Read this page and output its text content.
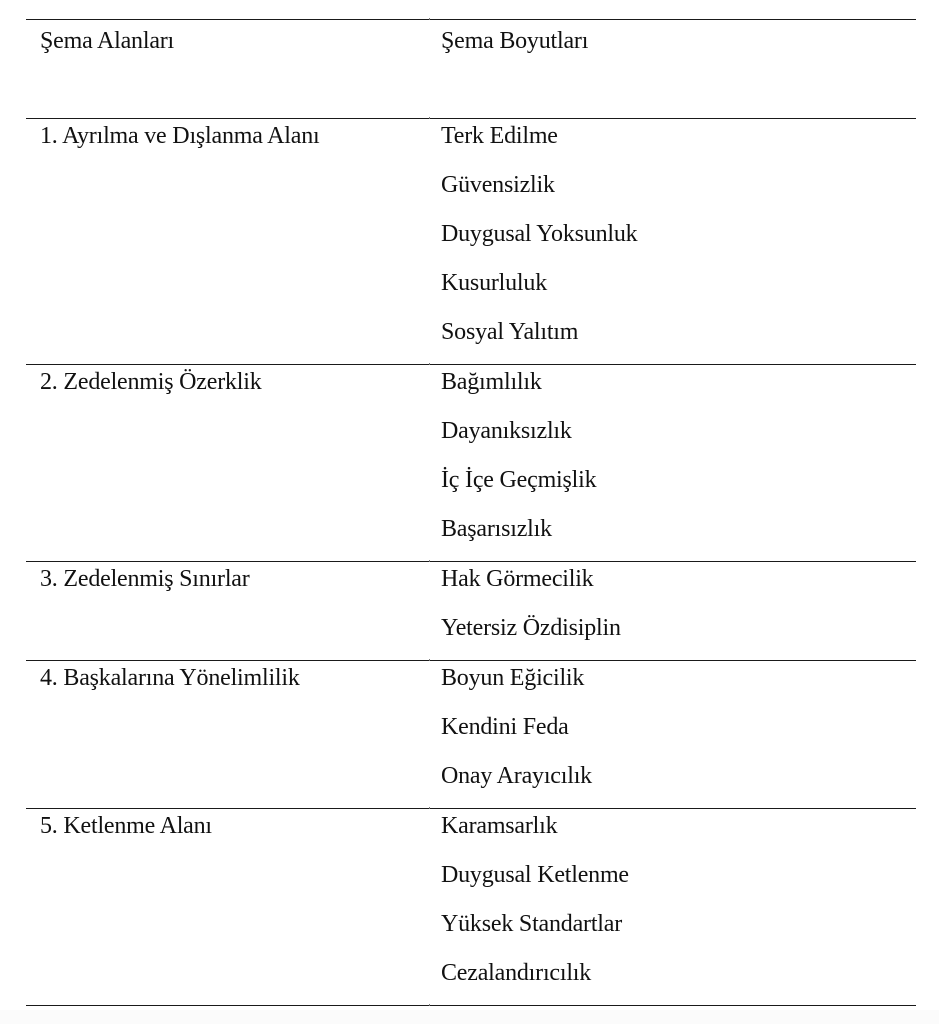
Şema Alanları	Şema Boyutları
1. Ayrılma ve Dışlanma Alanı	Terk Edilme
Güvensizlik
Duygusal Yoksunluk
Kusurluluk
Sosyal Yalıtım
2. Zedelenmiş Özerklik	Bağımlılık
Dayanıksızlık
İç İçe Geçmişlik
Başarısızlık
3. Zedelenmiş Sınırlar	Hak Görmecilik
Yetersiz Özdisiplin
4. Başkalarına Yönelimlilik	Boyun Eğicilik
Kendini Feda
Onay Arayıcılık
5. Ketlenme Alanı	Karamsarlık
Duygusal Ketlenme
Yüksek Standartlar
Cezalandırıcılık
